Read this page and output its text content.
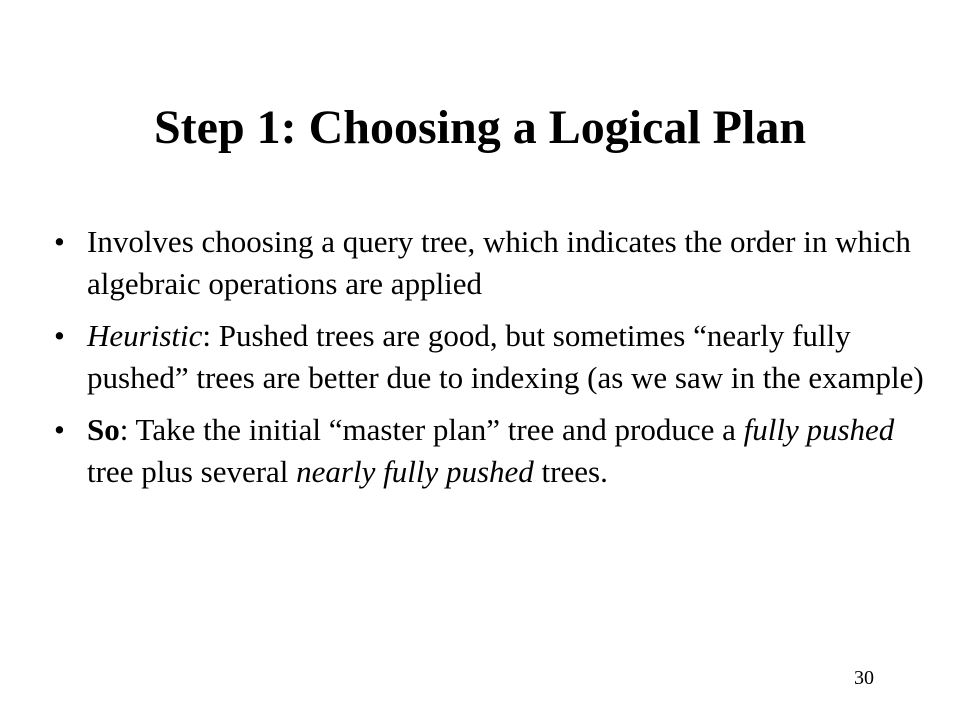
Step 1: Choosing a Logical Plan
• Involves choosing a query tree, which indicates the order in which algebraic operations are applied
• Heuristic: Pushed trees are good, but sometimes “nearly fully pushed” trees are better due to indexing (as we saw in the example)
• So: Take the initial “master plan” tree and produce a fully pushed tree plus several nearly fully pushed trees.
30
